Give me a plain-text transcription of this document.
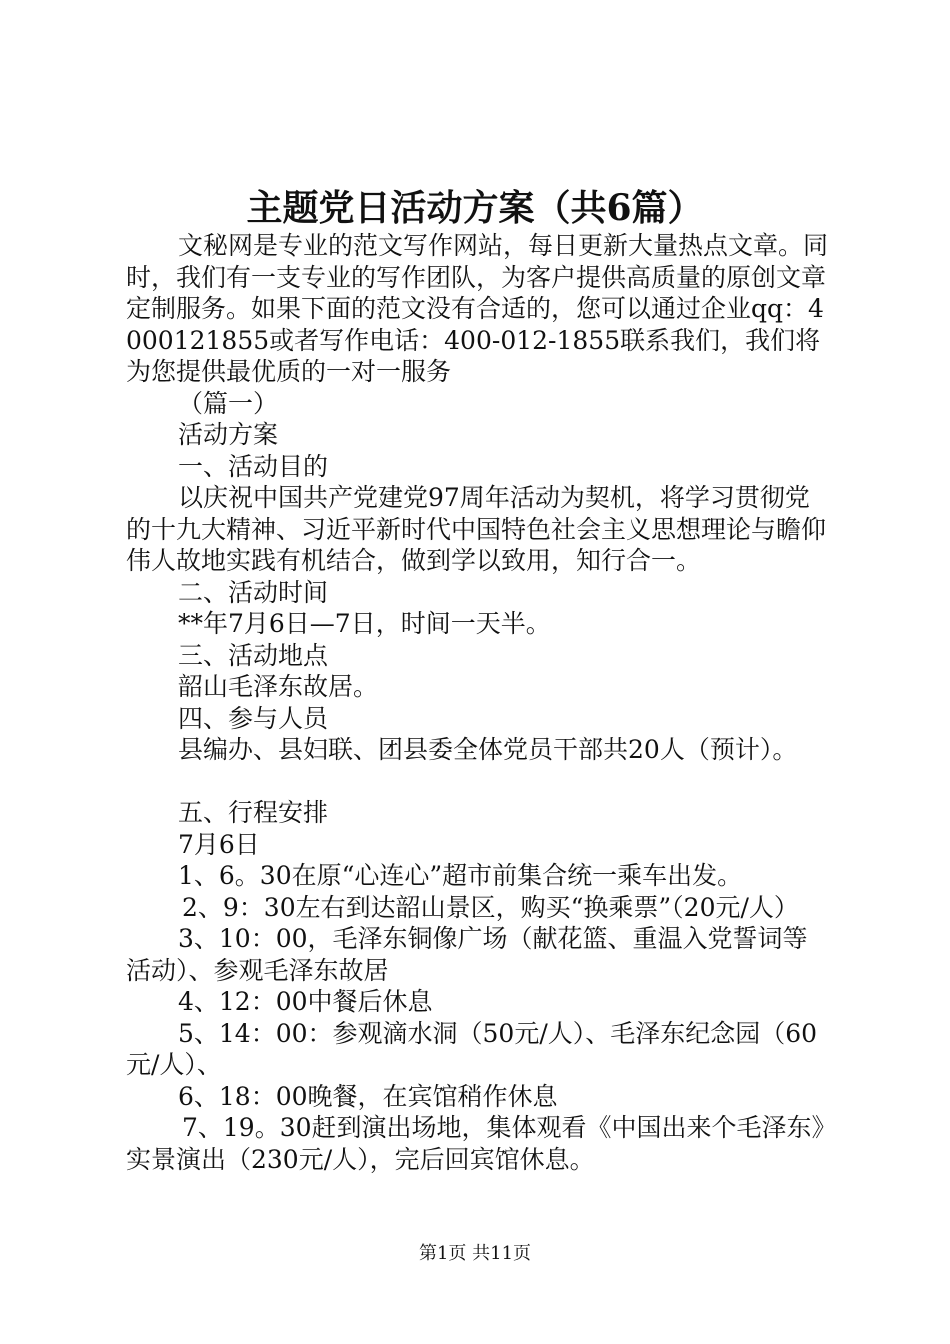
主题党日活动方案（共6篇）

文秘网是专业的范文写作网站，每日更新大量热点文章。同时，我们有一支专业的写作团队，为客户提供高质量的原创文章定制服务。如果下面的范文没有合适的，您可以通过企业qq：4000121855或者写作电话：400-012-1855联系我们，我们将为您提供最优质的一对一服务

（篇一）

活动方案

一、活动目的

以庆祝中国共产党建党97周年活动为契机，将学习贯彻党的十九大精神、习近平新时代中国特色社会主义思想理论与瞻仰伟人故地实践有机结合，做到学以致用，知行合一。

二、活动时间

**年7月6日—7日，时间一天半。

三、活动地点

韶山毛泽东故居。

四、参与人员

县编办、县妇联、团县委全体党员干部共20人（预计）。

五、行程安排

7月6日

1、6。30在原“心连心”超市前集合统一乘车出发。

2、9：30左右到达韶山景区，购买“换乘票”（20元/人）

3、10：00，毛泽东铜像广场（献花篮、重温入党誓词等活动）、参观毛泽东故居

4、12：00中餐后休息

5、14：00：参观滴水洞（50元/人）、毛泽东纪念园（60元/人）、

6、18：00晚餐，在宾馆稍作休息

7、19。30赶到演出场地，集体观看《中国出来个毛泽东》实景演出（230元/人），完后回宾馆休息。

第1页 共11页
